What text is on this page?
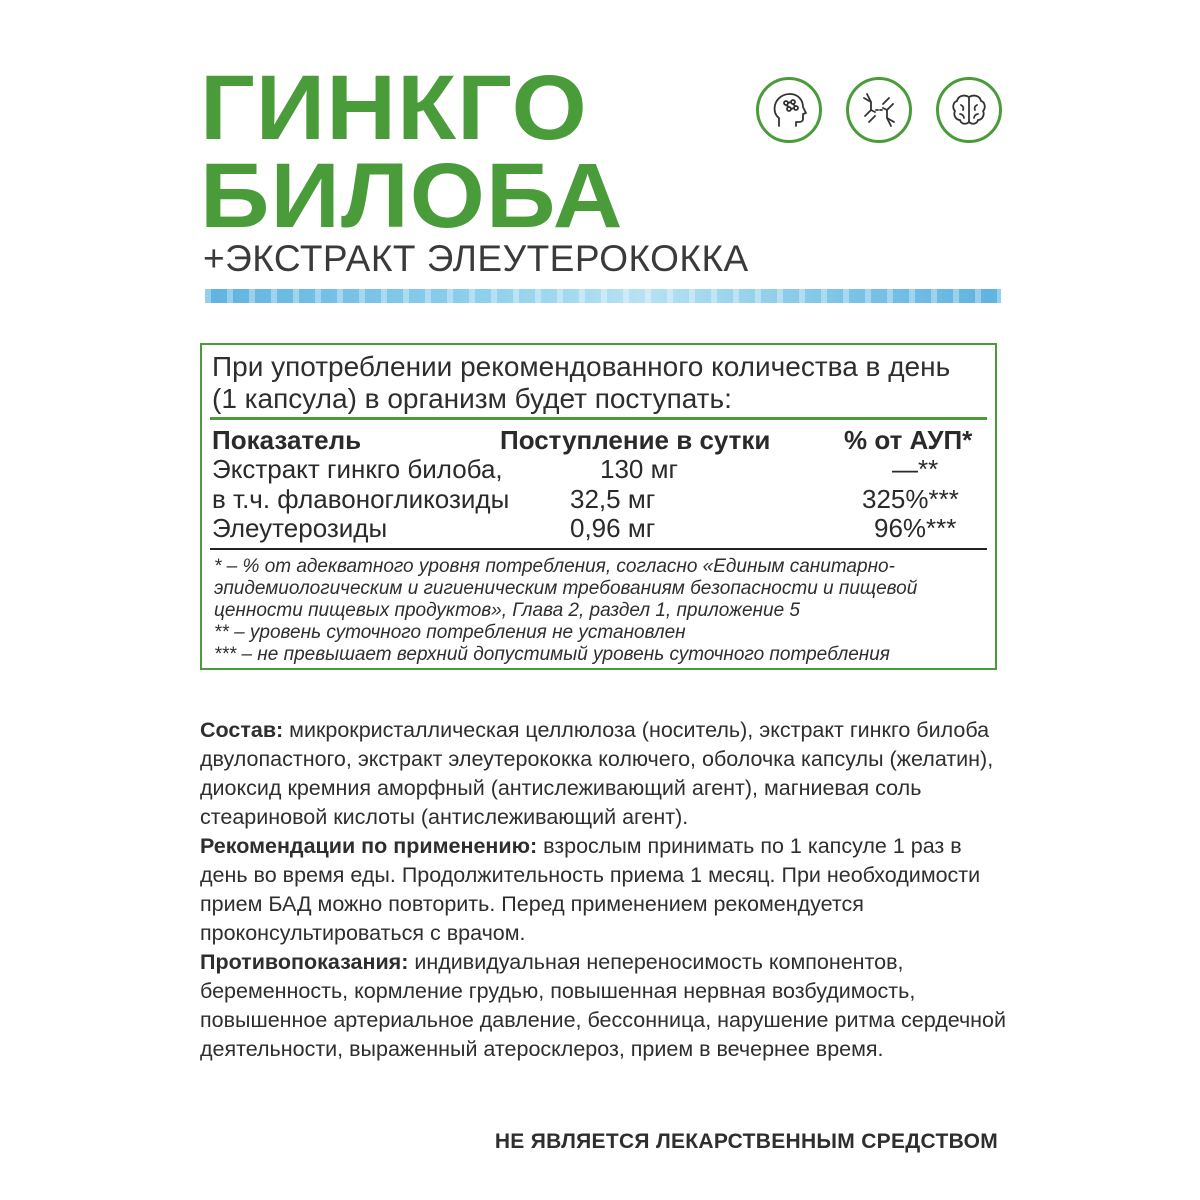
ГИНКГО
БИЛОБА

+ЭКСТРАКТ ЭЛЕУТЕРОКОККА

При употреблении рекомендованного количества в день
(1 капсула) в организм будет поступать:
Показатель	Поступление в сутки	% от АУП*
Экстракт гинкго билоба,	130 мг	—**
в т.ч. флавоногликозиды 32,5 мг	325%***
Элеутерозиды	0,96 мг	96%***
* – % от адекватного уровня потребления, согласно «Единым санитарно-
эпидемиологическим и гигиеническим требованиям безопасности и пищевой
ценности пищевых продуктов», Глава 2, раздел 1, приложение 5
** – уровень суточного потребления не установлен
*** – не превышает верхний допустимый уровень суточного потребления

Состав: микрокристаллическая целлюлоза (носитель), экстракт гинкго билоба двулопастного, экстракт элеутерококка колючего, оболочка капсулы (желатин), диоксид кремния аморфный (антислеживающий агент), магниевая соль стеариновой кислоты (антислеживающий агент).

Рекомендации по применению: взрослым принимать по 1 капсуле 1 раз в день во время еды. Продолжительность приема 1 месяц. При необходимости прием БАД можно повторить. Перед применением рекомендуется проконсультироваться с врачом.

Противопоказания: индивидуальная непереносимость компонентов, беременность, кормление грудью, повышенная нервная возбудимость, повышенное артериальное давление, бессонница, нарушение ритма сердечной деятельности, выраженный атеросклероз, прием в вечернее время.

НЕ ЯВЛЯЕТСЯ ЛЕКАРСТВЕННЫМ СРЕДСТВОМ
